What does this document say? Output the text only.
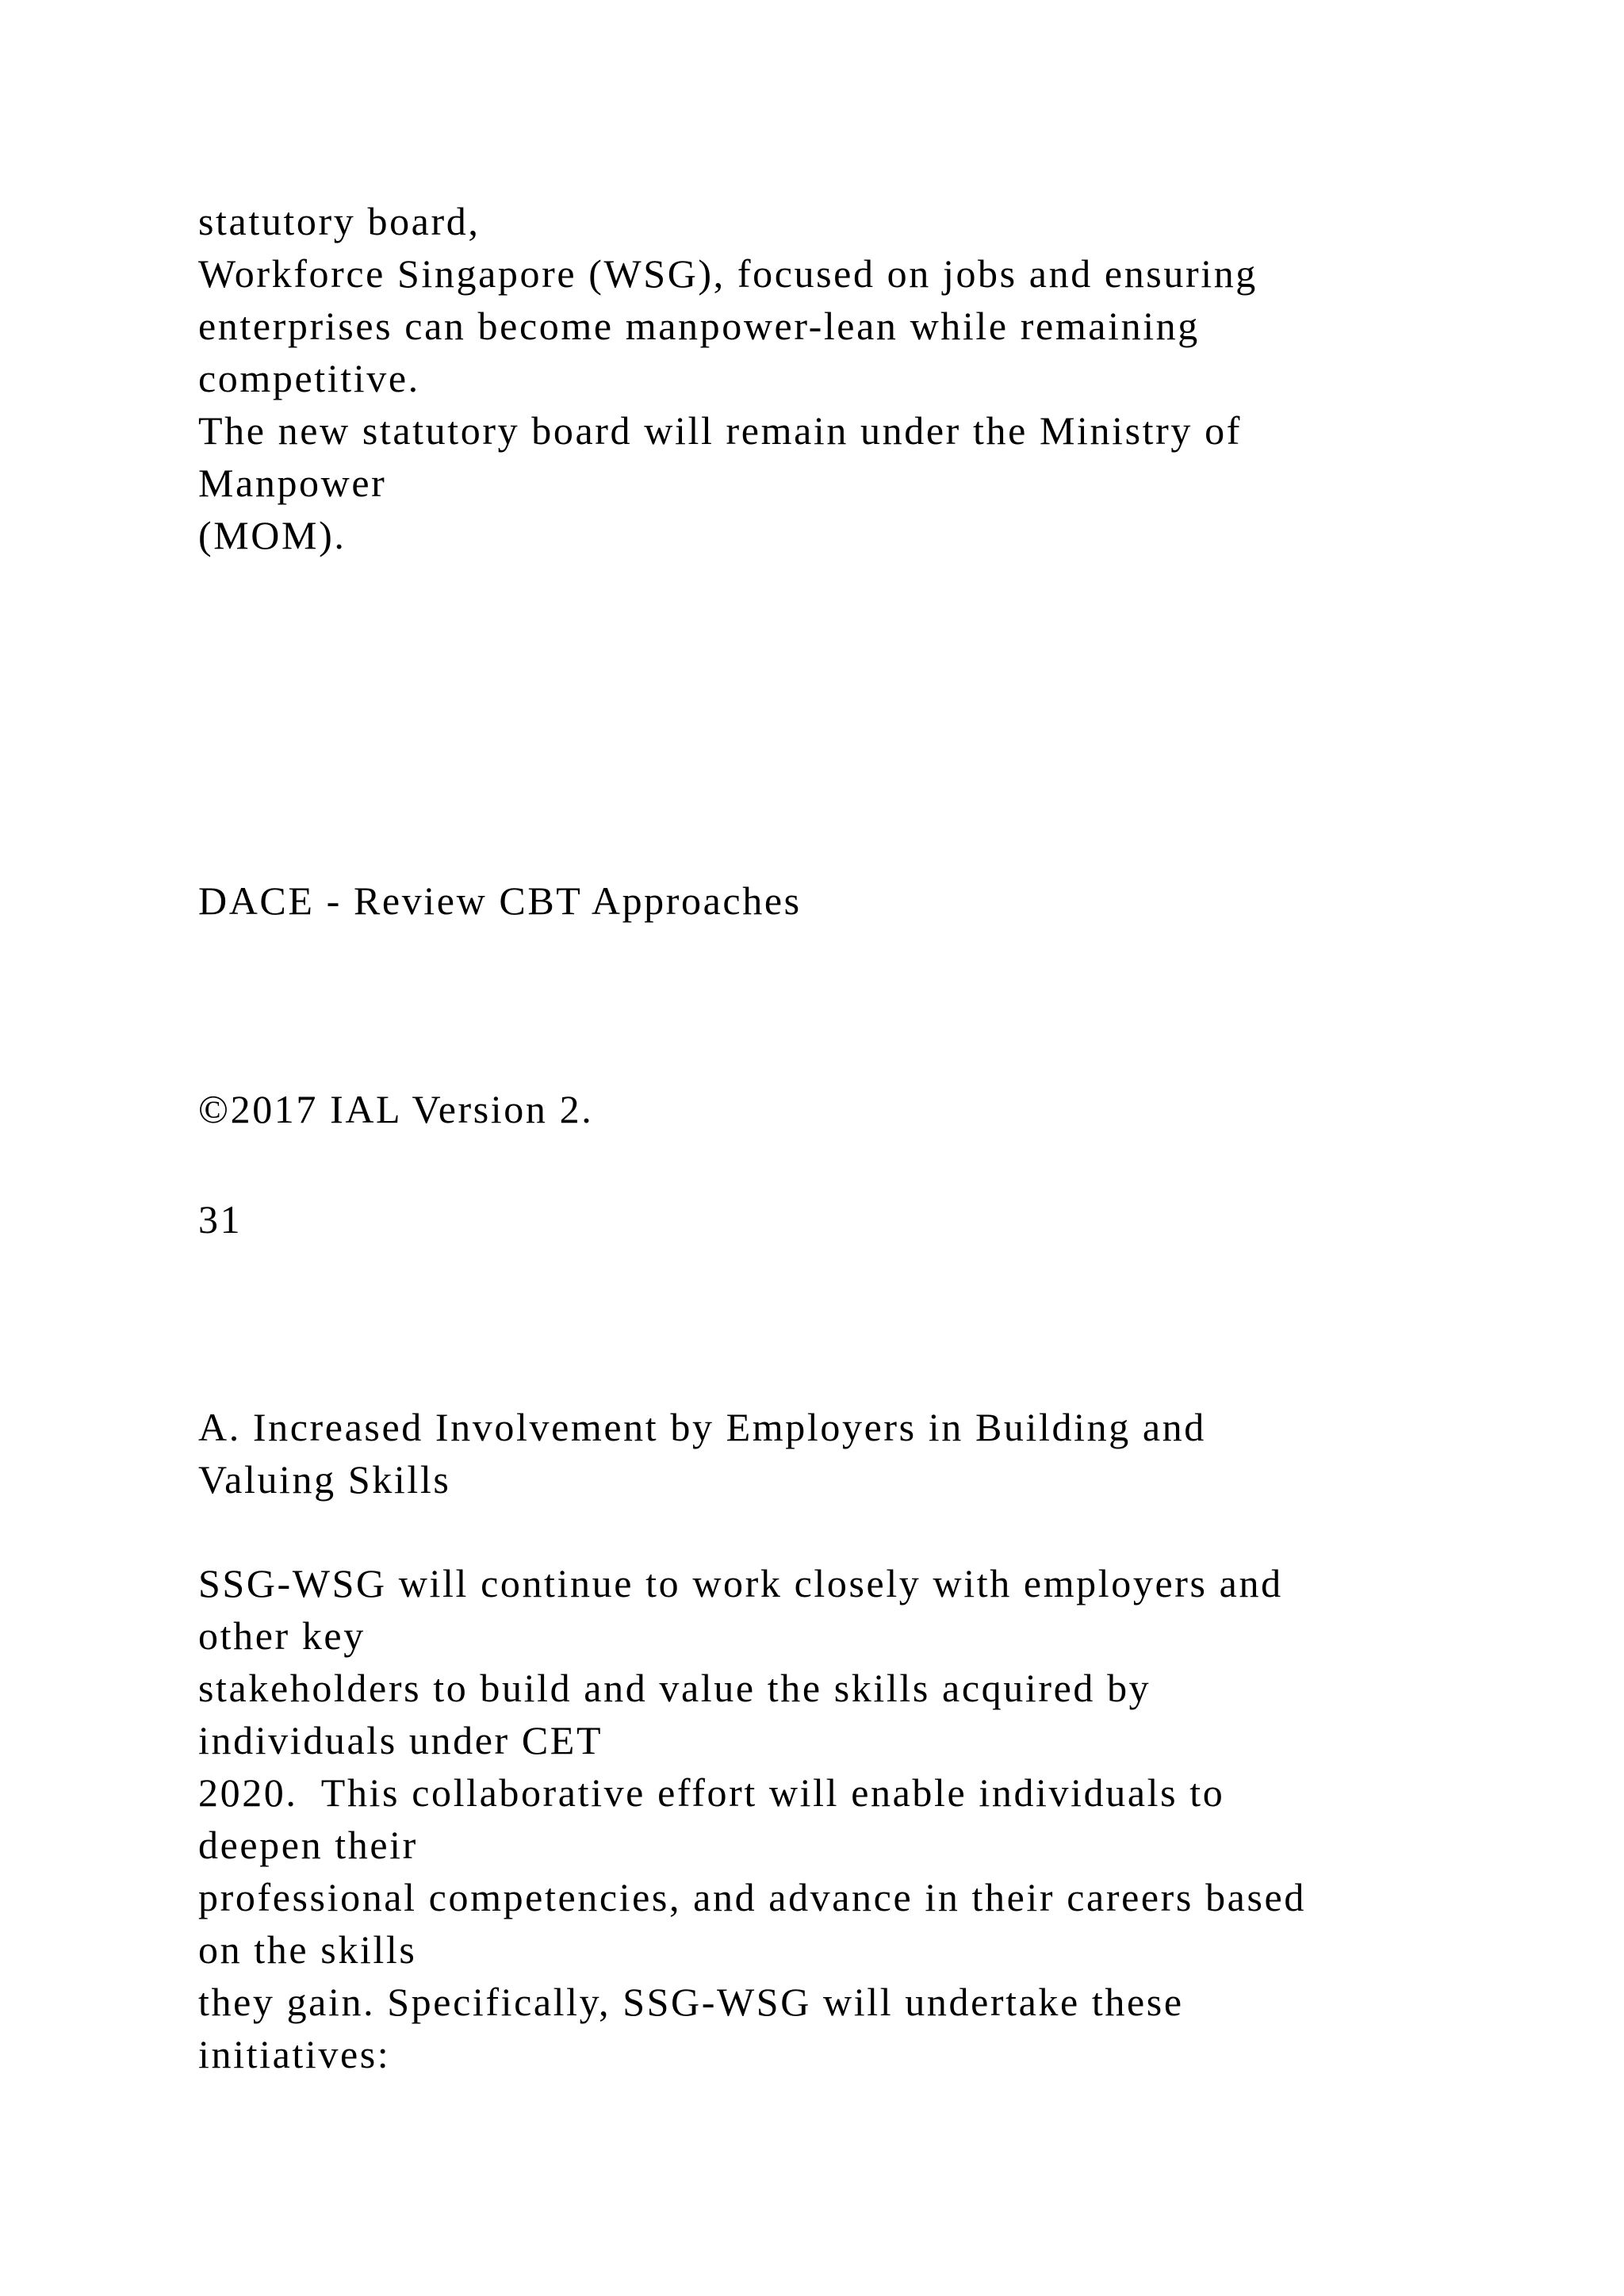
statutory board,

Workforce Singapore (WSG), focused on jobs and ensuring

enterprises can become manpower-lean while remaining

competitive.

The new statutory board will remain under the Ministry of

Manpower

(MOM).

DACE - Review CBT Approaches

©2017 IAL Version 2.

31

A. Increased Involvement by Employers in Building and

Valuing Skills

SSG-WSG will continue to work closely with employers and

other key

stakeholders to build and value the skills acquired by

individuals under CET

2020.  This collaborative effort will enable individuals to

deepen their

professional competencies, and advance in their careers based

on the skills

they gain. Specifically, SSG-WSG will undertake these

initiatives:
